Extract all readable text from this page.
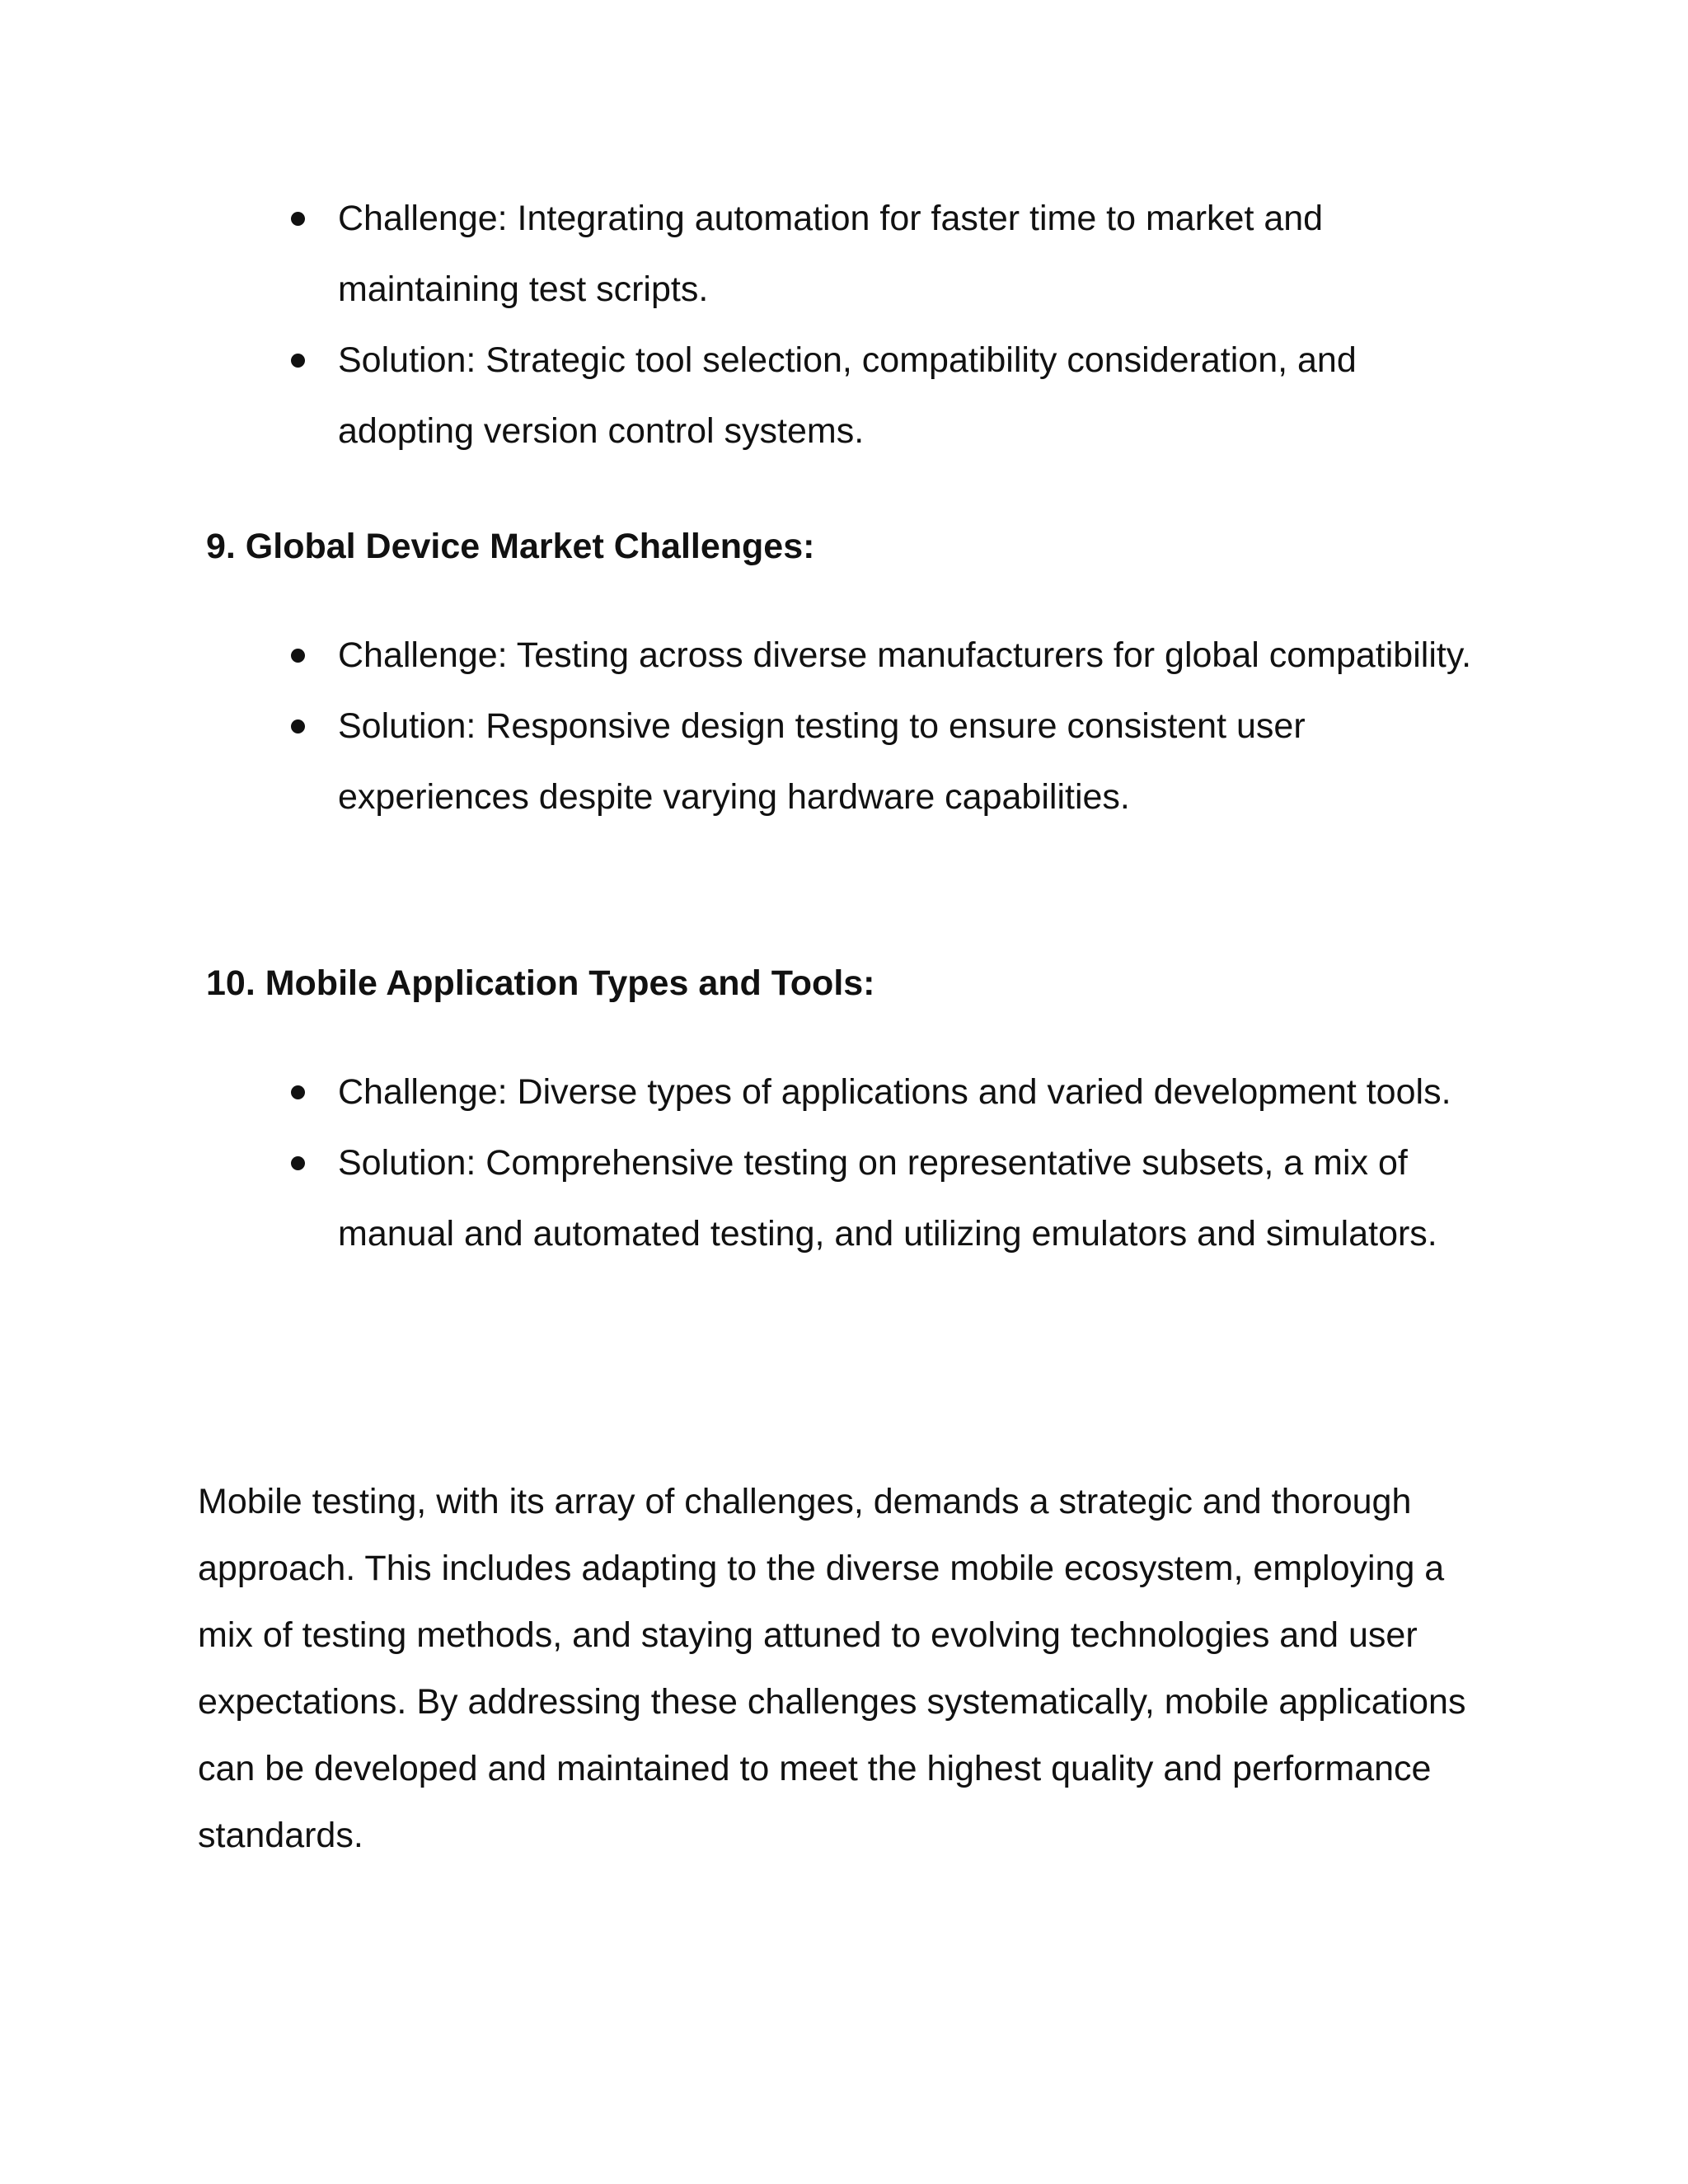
Challenge: Integrating automation for faster time to market and maintaining test scripts.
Solution: Strategic tool selection, compatibility consideration, and adopting version control systems.
9. Global Device Market Challenges:
Challenge: Testing across diverse manufacturers for global compatibility.
Solution: Responsive design testing to ensure consistent user experiences despite varying hardware capabilities.
10. Mobile Application Types and Tools:
Challenge: Diverse types of applications and varied development tools.
Solution: Comprehensive testing on representative subsets, a mix of manual and automated testing, and utilizing emulators and simulators.

Mobile testing, with its array of challenges, demands a strategic and thorough approach. This includes adapting to the diverse mobile ecosystem, employing a mix of testing methods, and staying attuned to evolving technologies and user expectations. By addressing these challenges systematically, mobile applications can be developed and maintained to meet the highest quality and performance standards.
